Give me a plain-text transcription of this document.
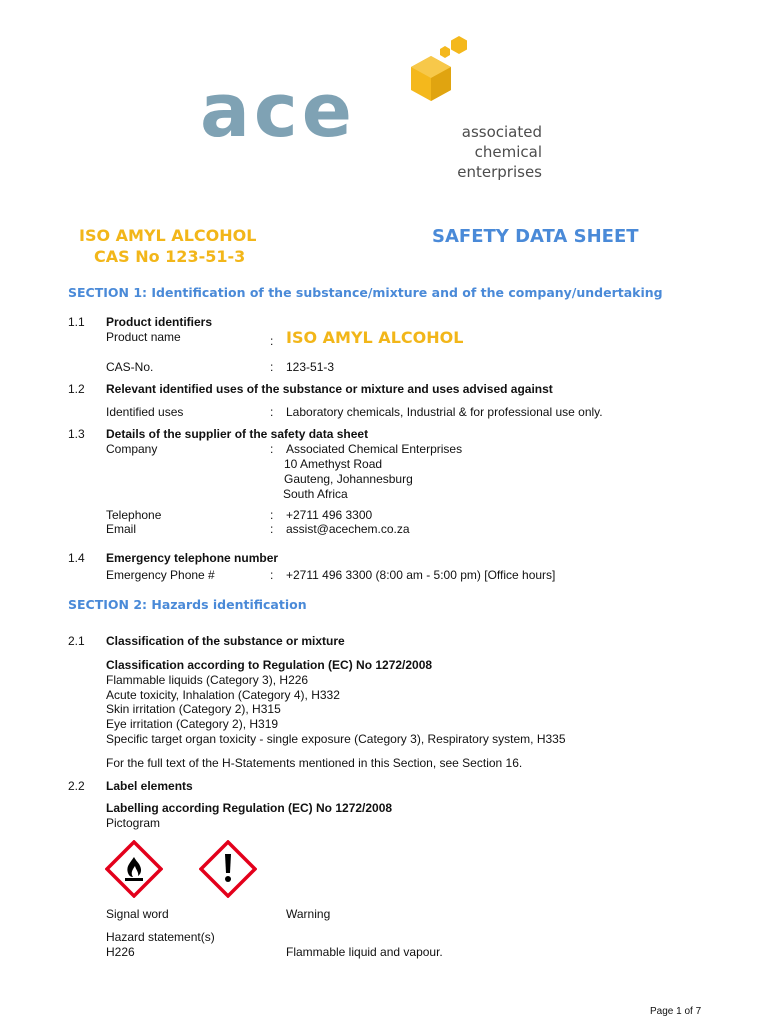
ace	associated
chemical
enterprises
ISO AMYL ALCOHOL
CAS No 123-51-3
SAFETY DATA SHEET
SECTION 1: Identification of the substance/mixture and of the company/undertaking
1.1 Product identifiers
Product name	: ISO AMYL ALCOHOL
CAS-No.	: 123-51-3
1.2 Relevant identified uses of the substance or mixture and uses advised against
Identified uses	: Laboratory chemicals, Industrial & for professional use only.
1.3 Details of the supplier of the safety data sheet
Company	: Associated Chemical Enterprises
10 Amethyst Road
Gauteng, Johannesburg
South Africa
Telephone	: +2711 496 3300
Email	: assist@acechem.co.za
1.4 Emergency telephone number
Emergency Phone #	: +2711 496 3300 (8:00 am - 5:00 pm) [Office hours]
SECTION 2: Hazards identification
2.1 Classification of the substance or mixture
Classification according to Regulation (EC) No 1272/2008
Flammable liquids (Category 3), H226
Acute toxicity, Inhalation (Category 4), H332
Skin irritation (Category 2), H315
Eye irritation (Category 2), H319
Specific target organ toxicity - single exposure (Category 3), Respiratory system, H335
For the full text of the H-Statements mentioned in this Section, see Section 16.
2.2 Label elements
Labelling according Regulation (EC) No 1272/2008
Pictogram
Signal word	Warning
Hazard statement(s)
H226	Flammable liquid and vapour.
Page 1 of 7
